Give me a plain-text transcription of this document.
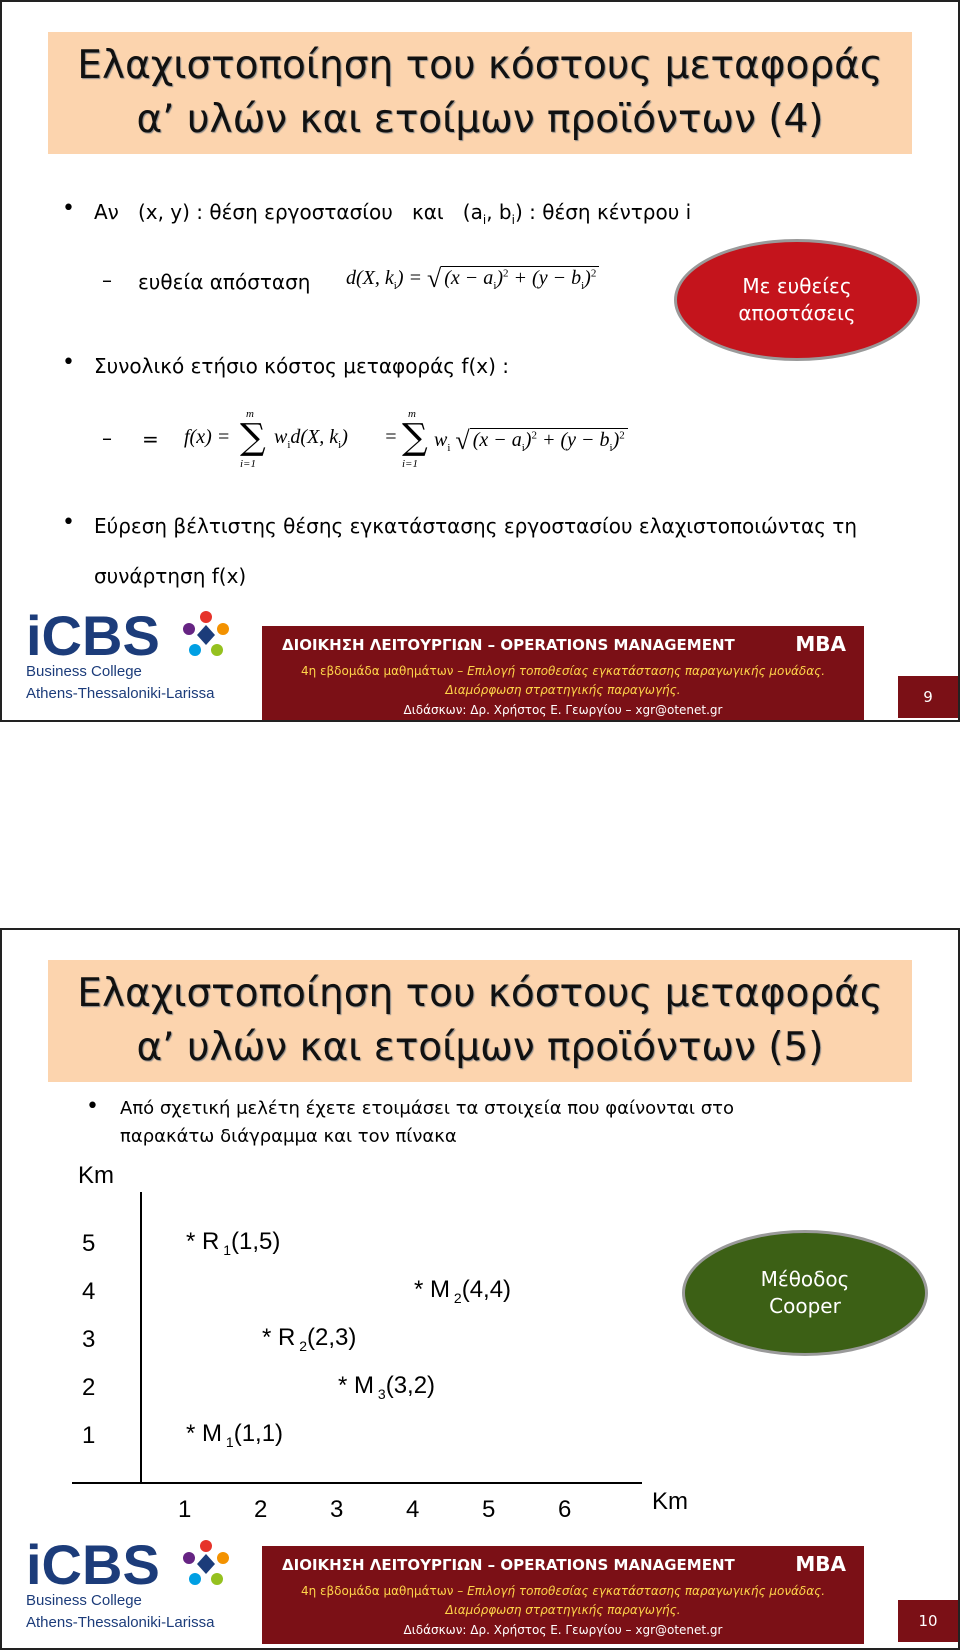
Ελαχιστοποίηση του κόστους μεταφοράς
α’ υλών και ετοίμων προϊόντων (4)
• Αν (x, y) : θέση εργοστασίου και ($a_i$, $b_i$) : θέση κέντρου i
– ευθεία απόσταση d(X, $k_i$) = √ $(x - a_i)^2 + (y - b_i)^2$
Με ευθείες
αποστάσεις
• Συνολικό ετήσιο κόστος μεταφοράς f(x) :
– = f(x) =
m
∑
i=1
$w_id(X$, $k_i$) =
m
∑
i=1
$w_i$ √ $(x - a_i)^2 + (y - b_i)^2$
• Εύρεση βέλτιστης θέσης εγκατάστασης εργοστασίου ελαχιστοποιώντας τη
συνάρτηση f(x)
iCBS
Business College
Athens-Thessaloniki-Larissa
ΔΙΟΙΚΗΣΗ ΛΕΙΤΟΥΡΓΙΩΝ – OPERATIONS MANAGEMENT	MBA
4η εβδομάδα μαθημάτων – Επιλογή τοποθεσίας εγκατάστασης παραγωγικής μονάδας.
Διαμόρφωση στρατηγικής παραγωγής.
Διδάσκων: Δρ. Χρήστος Ε. Γεωργίου – xgr@otenet.gr
9
Ελαχιστοποίηση του κόστους μεταφοράς
α’ υλών και ετοίμων προϊόντων (5)
• Από σχετική μελέτη έχετε ετοιμάσει τα στοιχεία που φαίνονται στο
παρακάτω διάγραμμα και τον πίνακα
Km
Km
5
4
3
2
1
1	2	3	4	5	6
* R $_1$(1,5)
* M $_2$(4,4)
* R $_2$(2,3)
* M $_3$(3,2)
* M $_1$(1,1)
Μέθοδος
Cooper
iCBS
Business College
Athens-Thessaloniki-Larissa
ΔΙΟΙΚΗΣΗ ΛΕΙΤΟΥΡΓΙΩΝ – OPERATIONS MANAGEMENT	MBA
4η εβδομάδα μαθημάτων – Επιλογή τοποθεσίας εγκατάστασης παραγωγικής μονάδας.
Διαμόρφωση στρατηγικής παραγωγής.
Διδάσκων: Δρ. Χρήστος Ε. Γεωργίου – xgr@otenet.gr	10
